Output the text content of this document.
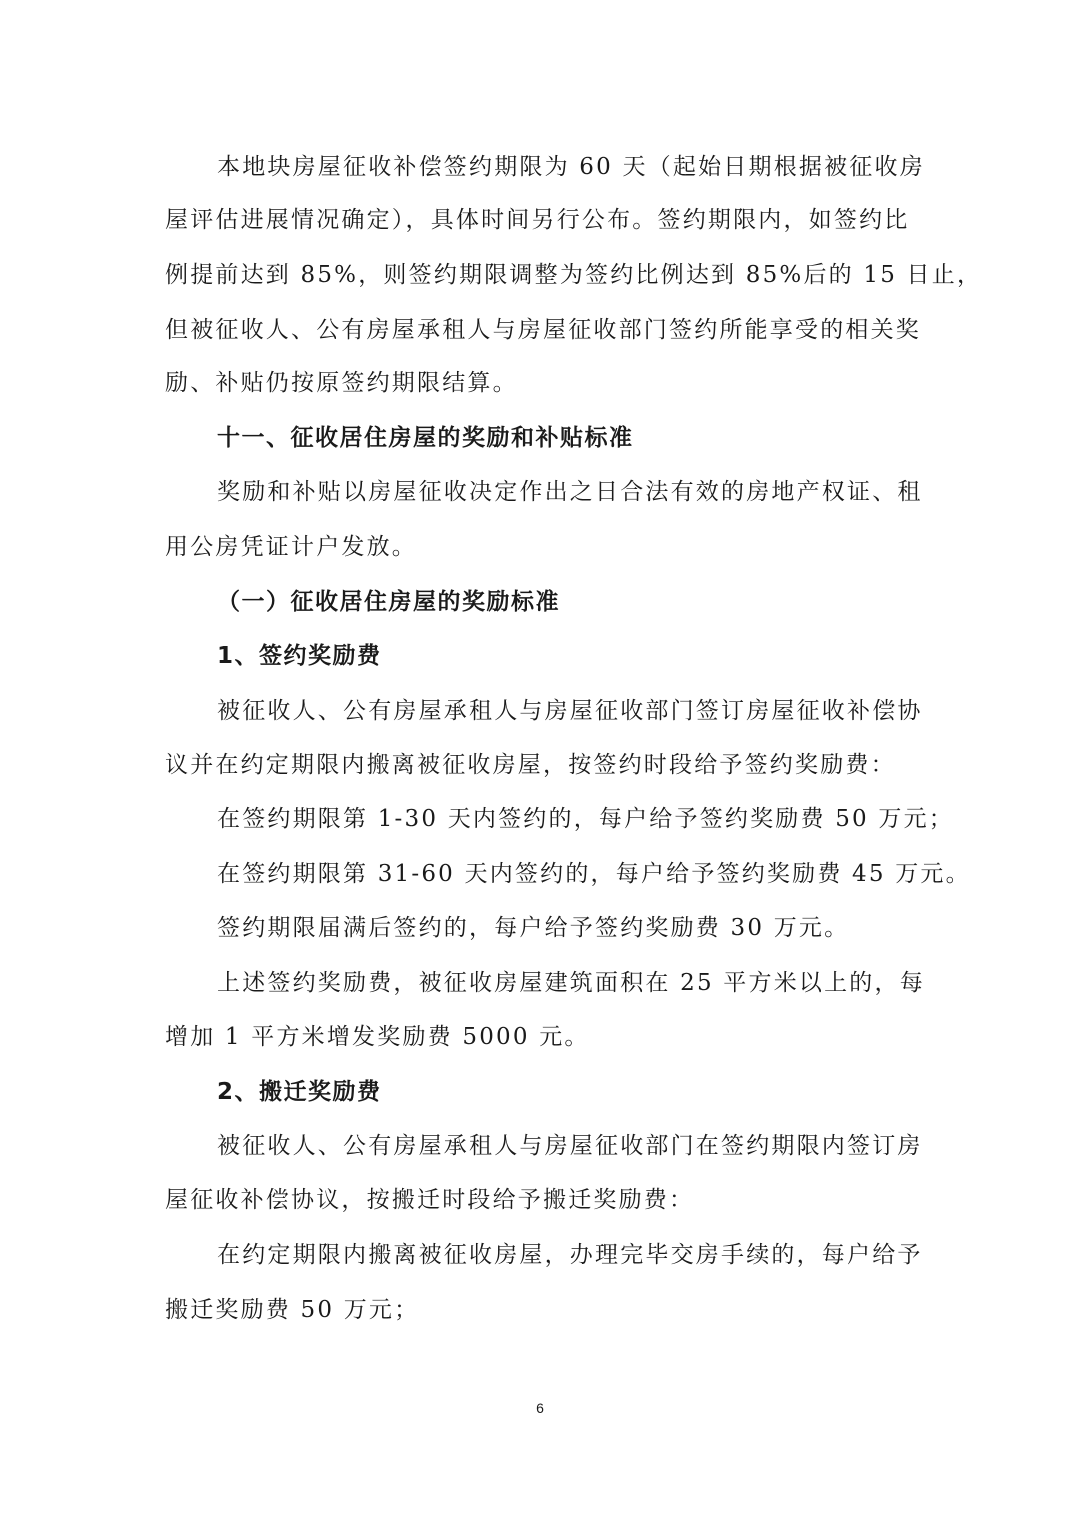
本地块房屋征收补偿签约期限为 60 天（起始日期根据被征收房
屋评估进展情况确定），具体时间另行公布。签约期限内，如签约比
例提前达到 85%，则签约期限调整为签约比例达到 85%后的 15 日止，
但被征收人、公有房屋承租人与房屋征收部门签约所能享受的相关奖
励、补贴仍按原签约期限结算。
十一、征收居住房屋的奖励和补贴标准
奖励和补贴以房屋征收决定作出之日合法有效的房地产权证、租
用公房凭证计户发放。
（一）征收居住房屋的奖励标准
1、签约奖励费
被征收人、公有房屋承租人与房屋征收部门签订房屋征收补偿协
议并在约定期限内搬离被征收房屋，按签约时段给予签约奖励费：
在签约期限第 1-30 天内签约的，每户给予签约奖励费 50 万元；
在签约期限第 31-60 天内签约的，每户给予签约奖励费 45 万元。
签约期限届满后签约的，每户给予签约奖励费 30 万元。
上述签约奖励费，被征收房屋建筑面积在 25 平方米以上的，每
增加 1 平方米增发奖励费 5000 元。
2、搬迁奖励费
被征收人、公有房屋承租人与房屋征收部门在签约期限内签订房
屋征收补偿协议，按搬迁时段给予搬迁奖励费：
在约定期限内搬离被征收房屋，办理完毕交房手续的，每户给予
搬迁奖励费 50 万元；
6
